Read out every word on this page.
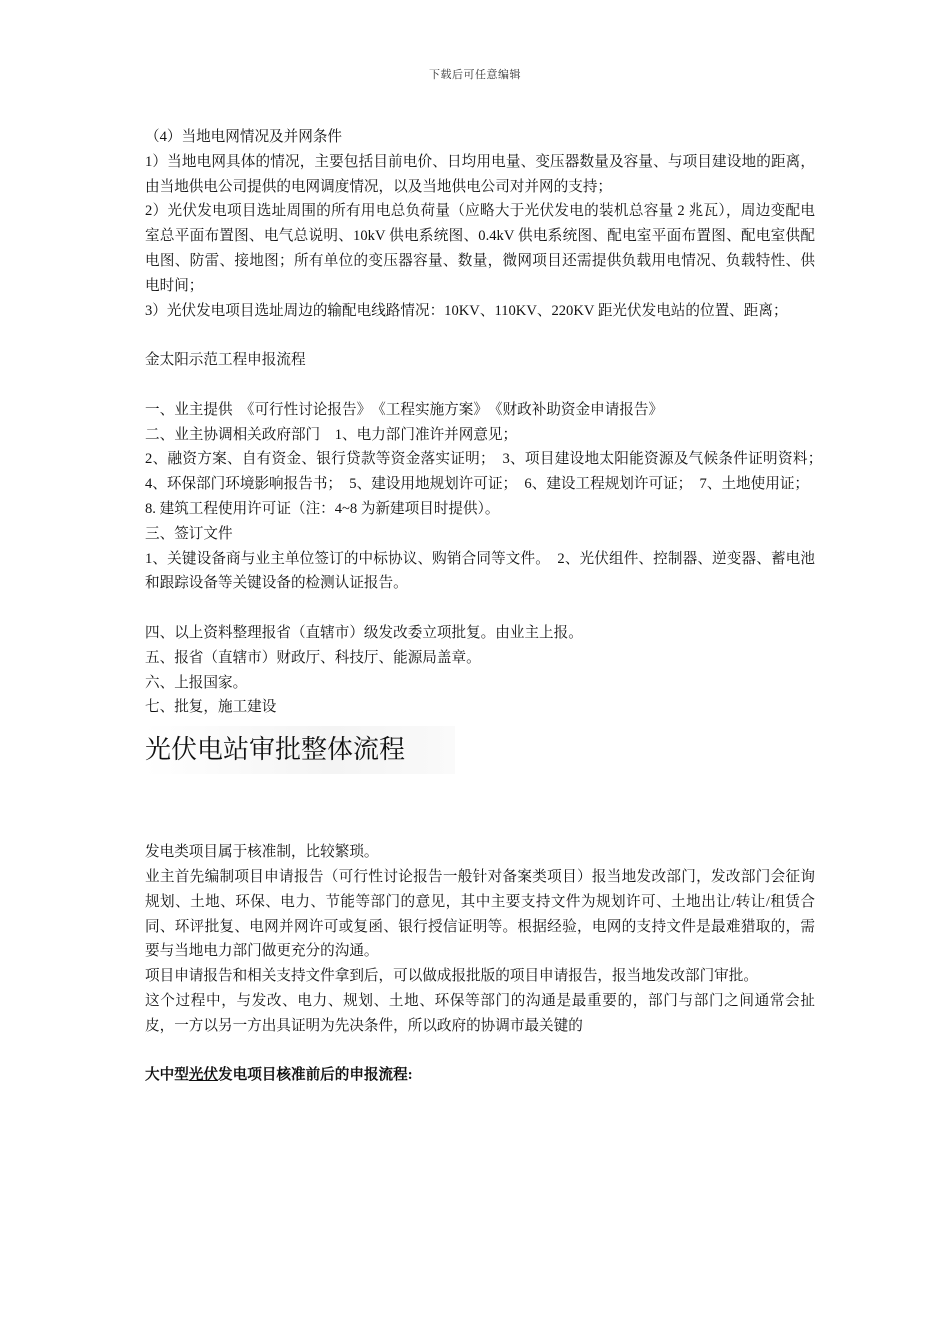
下载后可任意编辑

（4）当地电网情况及并网条件

1）当地电网具体的情况，主要包括目前电价、日均用电量、变压器数量及容量、与项目建设地的距离，由当地供电公司提供的电网调度情况，以及当地供电公司对并网的支持；

2）光伏发电项目选址周围的所有用电总负荷量（应略大于光伏发电的装机总容量 2 兆瓦），周边变配电室总平面布置图、电气总说明、10kV 供电系统图、0.4kV 供电系统图、配电室平面布置图、配电室供配电图、防雷、接地图；所有单位的变压器容量、数量，微网项目还需提供负载用电情况、负载特性、供电时间；

3）光伏发电项目选址周边的输配电线路情况：10KV、110KV、220KV 距光伏发电站的位置、距离；

金太阳示范工程申报流程

一、业主提供　《可行性讨论报告》　《工程实施方案》　《财政补助资金申请报告》

二、业主协调相关政府部门　1、电力部门准许并网意见；

2、融资方案、自有资金、银行贷款等资金落实证明；　3、项目建设地太阳能资源及气候条件证明资料；　4、环保部门环境影响报告书；　5、建设用地规划许可证；　6、建设工程规划许可证；　7、土地使用证；

8. 建筑工程使用许可证（注：4~8 为新建项目时提供）。

三、签订文件

1、关键设备商与业主单位签订的中标协议、购销合同等文件。　2、光伏组件、控制器、逆变器、蓄电池和跟踪设备等关键设备的检测认证报告。

四、以上资料整理报省（直辖市）级发改委立项批复。由业主上报。

五、报省（直辖市）财政厅、科技厅、能源局盖章。

六、上报国家。

七、批复，施工建设

光伏电站审批整体流程

发电类项目属于核准制，比较繁琐。

业主首先编制项目申请报告（可行性讨论报告一般针对备案类项目）报当地发改部门，发改部门会征询规划、土地、环保、电力、节能等部门的意见，其中主要支持文件为规划许可、土地出让/转让/租赁合同、环评批复、电网并网许可或复函、银行授信证明等。根据经验，电网的支持文件是最难猎取的，需要与当地电力部门做更充分的沟通。

项目申请报告和相关支持文件拿到后，可以做成报批版的项目申请报告，报当地发改部门审批。

这个过程中，与发改、电力、规划、土地、环保等部门的沟通是最重要的，部门与部门之间通常会扯皮，一方以另一方出具证明为先决条件，所以政府的协调市最关键的

大中型光伏发电项目核准前后的申报流程:
